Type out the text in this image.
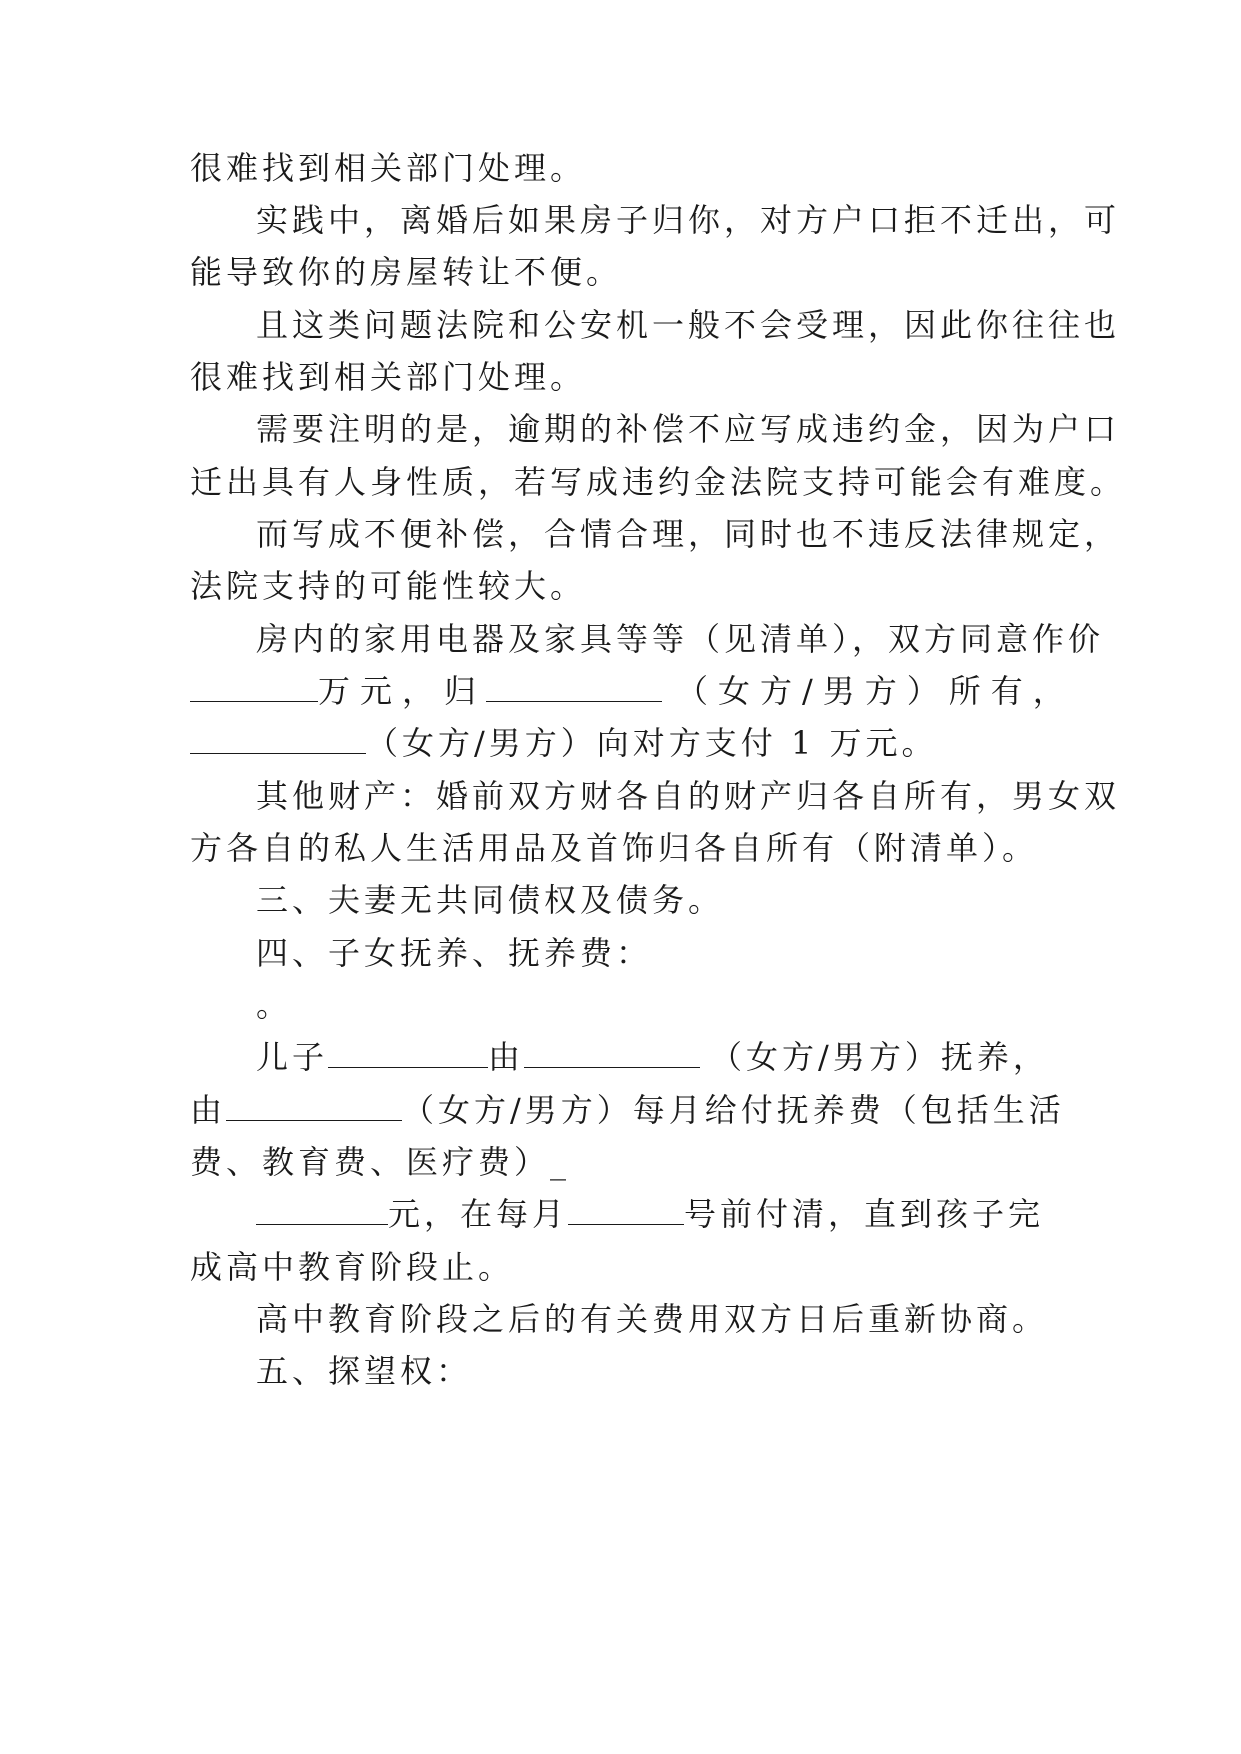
很难找到相关部门处理。
实践中，离婚后如果房子归你，对方户口拒不迁出，可
能导致你的房屋转让不便。
且这类问题法院和公安机一般不会受理，因此你往往也
很难找到相关部门处理。
需要注明的是，逾期的补偿不应写成违约金，因为户口
迁出具有人身性质，若写成违约金法院支持可能会有难度。
而写成不便补偿，合情合理，同时也不违反法律规定，
法院支持的可能性较大。
房内的家用电器及家具等等（见清单），双方同意作价
万元，归	（女方/男方）所有，
（女方/男方）向对方支付 1 万元。
其他财产：婚前双方财各自的财产归各自所有，男女双
方各自的私人生活用品及首饰归各自所有（附清单）。
三、夫妻无共同债权及债务。
四、子女抚养、抚养费：
。
儿子	由	（女方/男方）抚养，
由	（女方/男方）每月给付抚养费（包括生活
费、教育费、医疗费）_
元，在每月	号前付清，直到孩子完
成高中教育阶段止。
高中教育阶段之后的有关费用双方日后重新协商。
五、探望权：
